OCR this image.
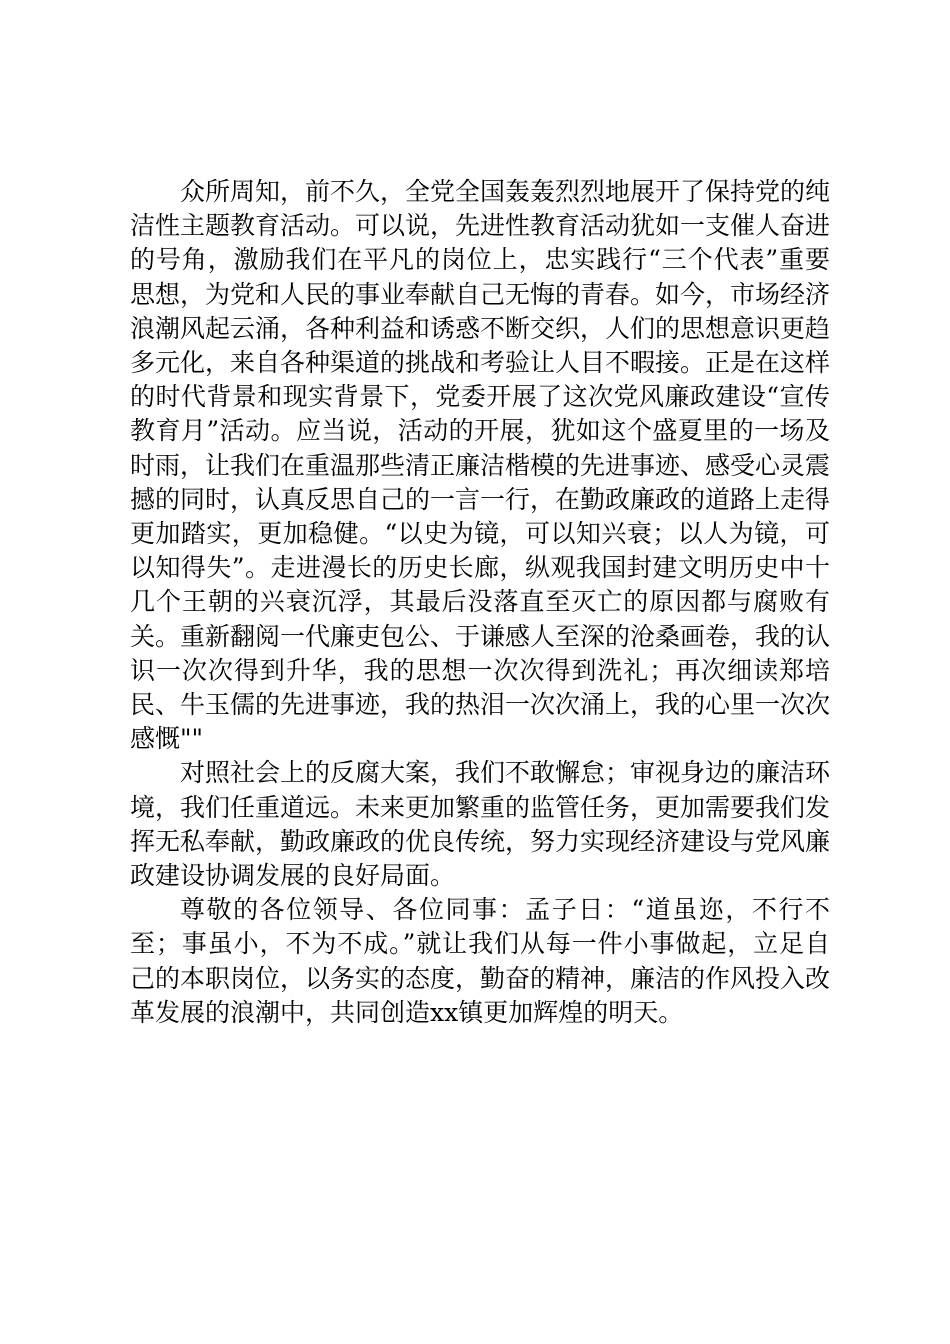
众所周知，前不久，全党全国轰轰烈烈地展开了保持党的纯洁性主题教育活动。可以说，先进性教育活动犹如一支催人奋进的号角，激励我们在平凡的岗位上，忠实践行“三个代表”重要思想，为党和人民的事业奉献自己无悔的青春。如今，市场经济浪潮风起云涌，各种利益和诱惑不断交织，人们的思想意识更趋多元化，来自各种渠道的挑战和考验让人目不暇接。正是在这样的时代背景和现实背景下，党委开展了这次党风廉政建设“宣传教育月”活动。应当说，活动的开展，犹如这个盛夏里的一场及时雨，让我们在重温那些清正廉洁楷模的先进事迹、感受心灵震撼的同时，认真反思自己的一言一行，在勤政廉政的道路上走得更加踏实，更加稳健。“以史为镜，可以知兴衰；以人为镜，可以知得失”。走进漫长的历史长廊，纵观我国封建文明历史中十几个王朝的兴衰沉浮，其最后没落直至灭亡的原因都与腐败有关。重新翻阅一代廉吏包公、于谦感人至深的沧桑画卷，我的认识一次次得到升华，我的思想一次次得到洗礼；再次细读郑培民、牛玉儒的先进事迹，我的热泪一次次涌上，我的心里一次次感慨""

对照社会上的反腐大案，我们不敢懈怠；审视身边的廉洁环境，我们任重道远。未来更加繁重的监管任务，更加需要我们发挥无私奉献，勤政廉政的优良传统，努力实现经济建设与党风廉政建设协调发展的良好局面。

尊敬的各位领导、各位同事：孟子日：“道虽迩，不行不至；事虽小，不为不成。”就让我们从每一件小事做起，立足自己的本职岗位，以务实的态度，勤奋的精神，廉洁的作风投入改革发展的浪潮中，共同创造xx镇更加辉煌的明天。
